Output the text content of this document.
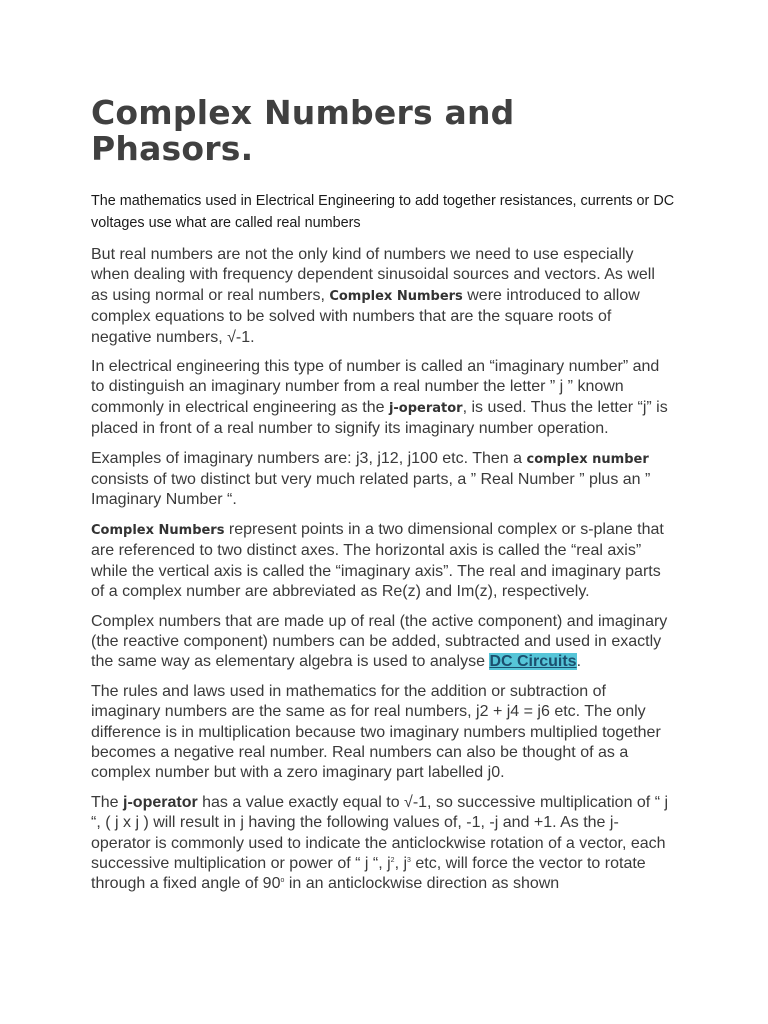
Complex Numbers and Phasors.

The mathematics used in Electrical Engineering to add together resistances, currents or DC voltages use what are called real numbers

But real numbers are not the only kind of numbers we need to use especially when dealing with frequency dependent sinusoidal sources and vectors. As well as using normal or real numbers, Complex Numbers were introduced to allow complex equations to be solved with numbers that are the square roots of negative numbers, √-1.

In electrical engineering this type of number is called an “imaginary number” and to distinguish an imaginary number from a real number the letter ” j ” known commonly in electrical engineering as the j-operator, is used. Thus the letter “j” is placed in front of a real number to signify its imaginary number operation.

Examples of imaginary numbers are: j3, j12, j100 etc. Then a complex number consists of two distinct but very much related parts, a ” Real Number ” plus an ” Imaginary Number “.

Complex Numbers represent points in a two dimensional complex or s-plane that are referenced to two distinct axes. The horizontal axis is called the “real axis” while the vertical axis is called the “imaginary axis”. The real and imaginary parts of a complex number are abbreviated as Re(z) and Im(z), respectively.

Complex numbers that are made up of real (the active component) and imaginary (the reactive component) numbers can be added, subtracted and used in exactly the same way as elementary algebra is used to analyse DC Circuits.

The rules and laws used in mathematics for the addition or subtraction of imaginary numbers are the same as for real numbers, j2 + j4 = j6 etc. The only difference is in multiplication because two imaginary numbers multiplied together becomes a negative real number. Real numbers can also be thought of as a complex number but with a zero imaginary part labelled j0.

The j-operator has a value exactly equal to √-1, so successive multiplication of “ j “, ( j x j ) will result in j having the following values of, -1, -j and +1. As the j-operator is commonly used to indicate the anticlockwise rotation of a vector, each successive multiplication or power of “ j “, $j^2$, $j^3$ etc, will force the vector to rotate through a fixed angle of 90$^o$ in an anticlockwise direction as shown
